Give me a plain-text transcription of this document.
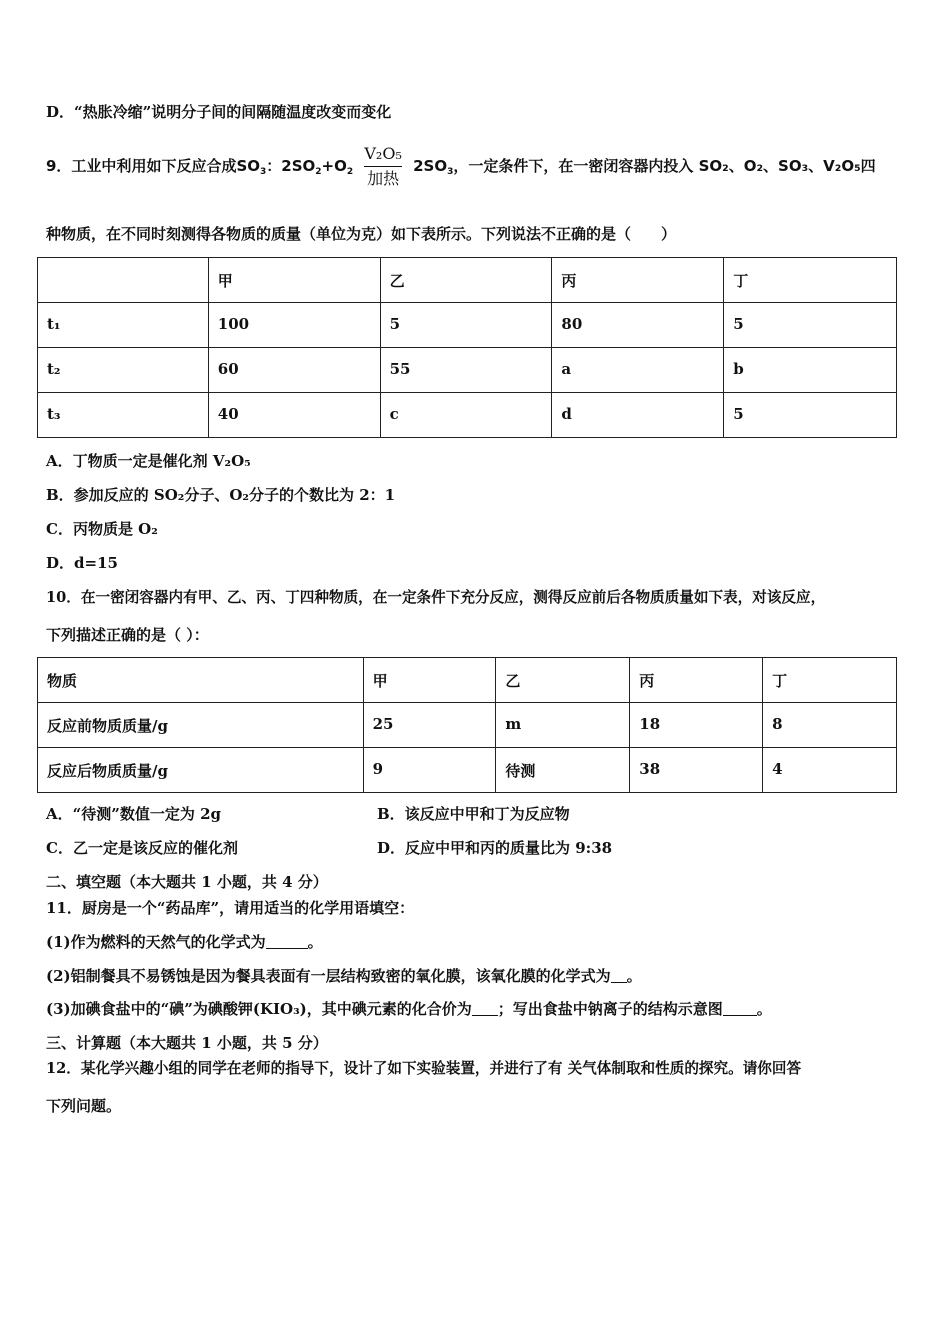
D．“热胀冷缩”说明分子间的间隔随温度改变而变化
9．工业中利用如下反应合成$SO_3$：$2SO_2+O_2 \frac{\text{V₂O₅}}{\text{加热}} 2SO_3$，一定条件下，在一密闭容器内投入 SO₂、O₂、SO₃、V₂O₅四
种物质，在不同时刻测得各物质的质量（单位为克）如下表所示。下列说法不正确的是（　　）
	甲	乙	丙	丁
t₁	100	5	80	5
t₂	60	55	a	b
t₃	40	c	d	5
A．丁物质一定是催化剂 V₂O₅
B．参加反应的 SO₂分子、O₂分子的个数比为 2：1
C．丙物质是 O₂
D．d=15
10．在一密闭容器内有甲、乙、丙、丁四种物质，在一定条件下充分反应，测得反应前后各物质质量如下表，对该反应，
下列描述正确的是（ ）：
物质	甲	乙	丙	丁
反应前物质质量/g	25	m	18	8
反应后物质质量/g	9	待测	38	4
A．“待测”数值一定为 2g	B．该反应中甲和丁为反应物
C．乙一定是该反应的催化剂	D．反应中甲和丙的质量比为 9:38
二、填空题（本大题共 1 小题，共 4 分）
11．厨房是一个“药品库”，请用适当的化学用语填空：
(1)作为燃料的天然气的化学式为	。
(2)铝制餐具不易锈蚀是因为餐具表面有一层结构致密的氧化膜，该氧化膜的化学式为 。
(3)加碘食盐中的“碘”为碘酸钾(KIO₃)，其中碘元素的化合价为 ；写出食盐中钠离子的结构示意图 。
三、计算题（本大题共 1 小题，共 5 分）
12．某化学兴趣小组的同学在老师的指导下，设计了如下实验装置，并进行了有 关气体制取和性质的探究。请你回答
下列问题。
